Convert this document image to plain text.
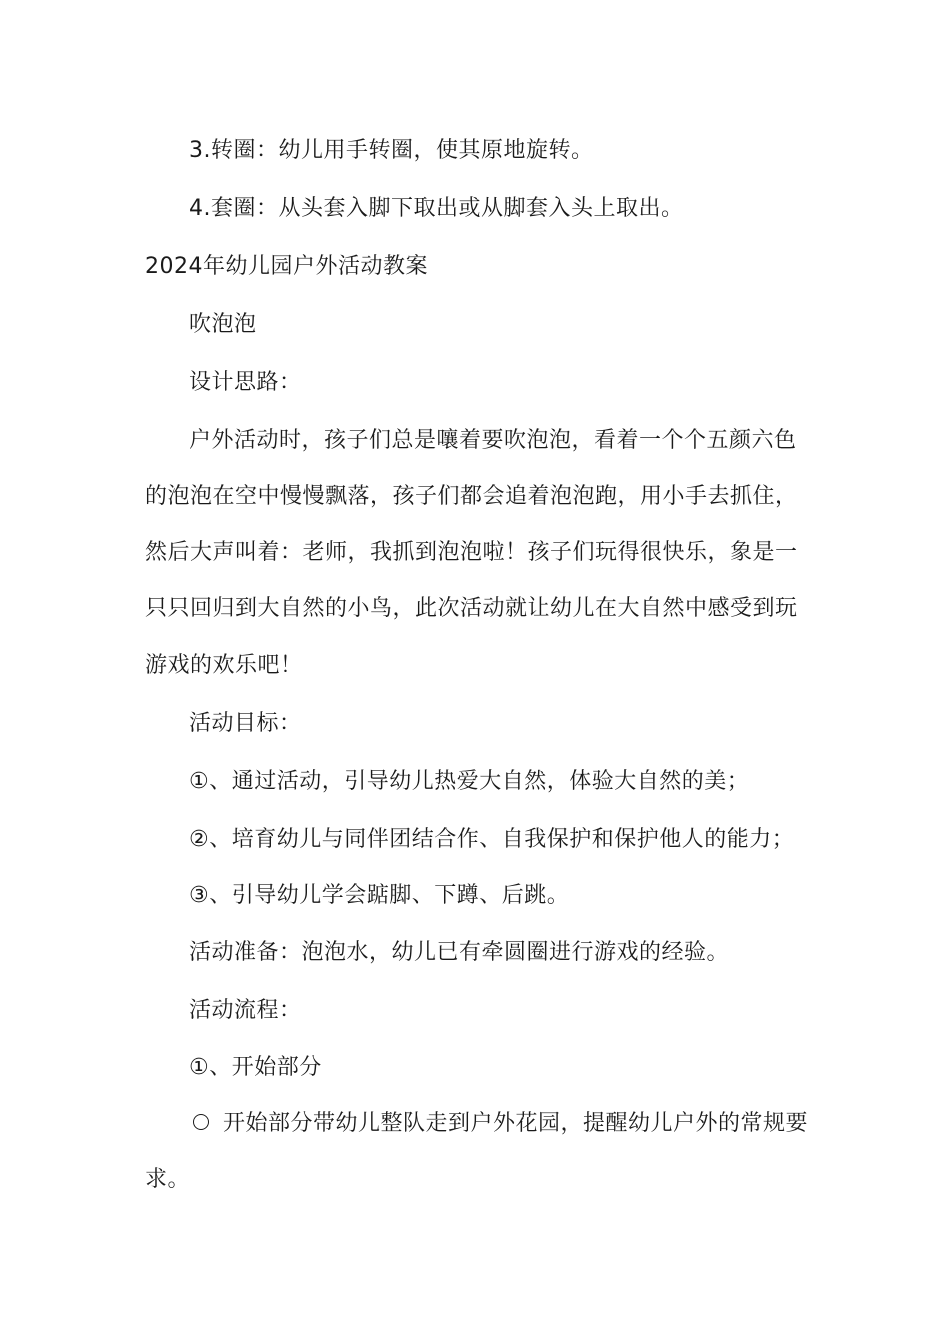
3.转圈：幼儿用手转圈，使其原地旋转。
4.套圈：从头套入脚下取出或从脚套入头上取出。
2024年幼儿园户外活动教案
吹泡泡
设计思路：
户外活动时，孩子们总是嚷着要吹泡泡，看着一个个五颜六色
的泡泡在空中慢慢飘落，孩子们都会追着泡泡跑，用小手去抓住，
然后大声叫着：老师，我抓到泡泡啦！孩子们玩得很快乐，象是一
只只回归到大自然的小鸟，此次活动就让幼儿在大自然中感受到玩
游戏的欢乐吧！
活动目标：
①、通过活动，引导幼儿热爱大自然，体验大自然的美；
②、培育幼儿与同伴团结合作、自我保护和保护他人的能力；
③、引导幼儿学会踮脚、下蹲、后跳。
活动准备：泡泡水，幼儿已有牵圆圈进行游戏的经验。
活动流程：
①、开始部分
开始部分带幼儿整队走到户外花园，提醒幼儿户外的常规要
求。
